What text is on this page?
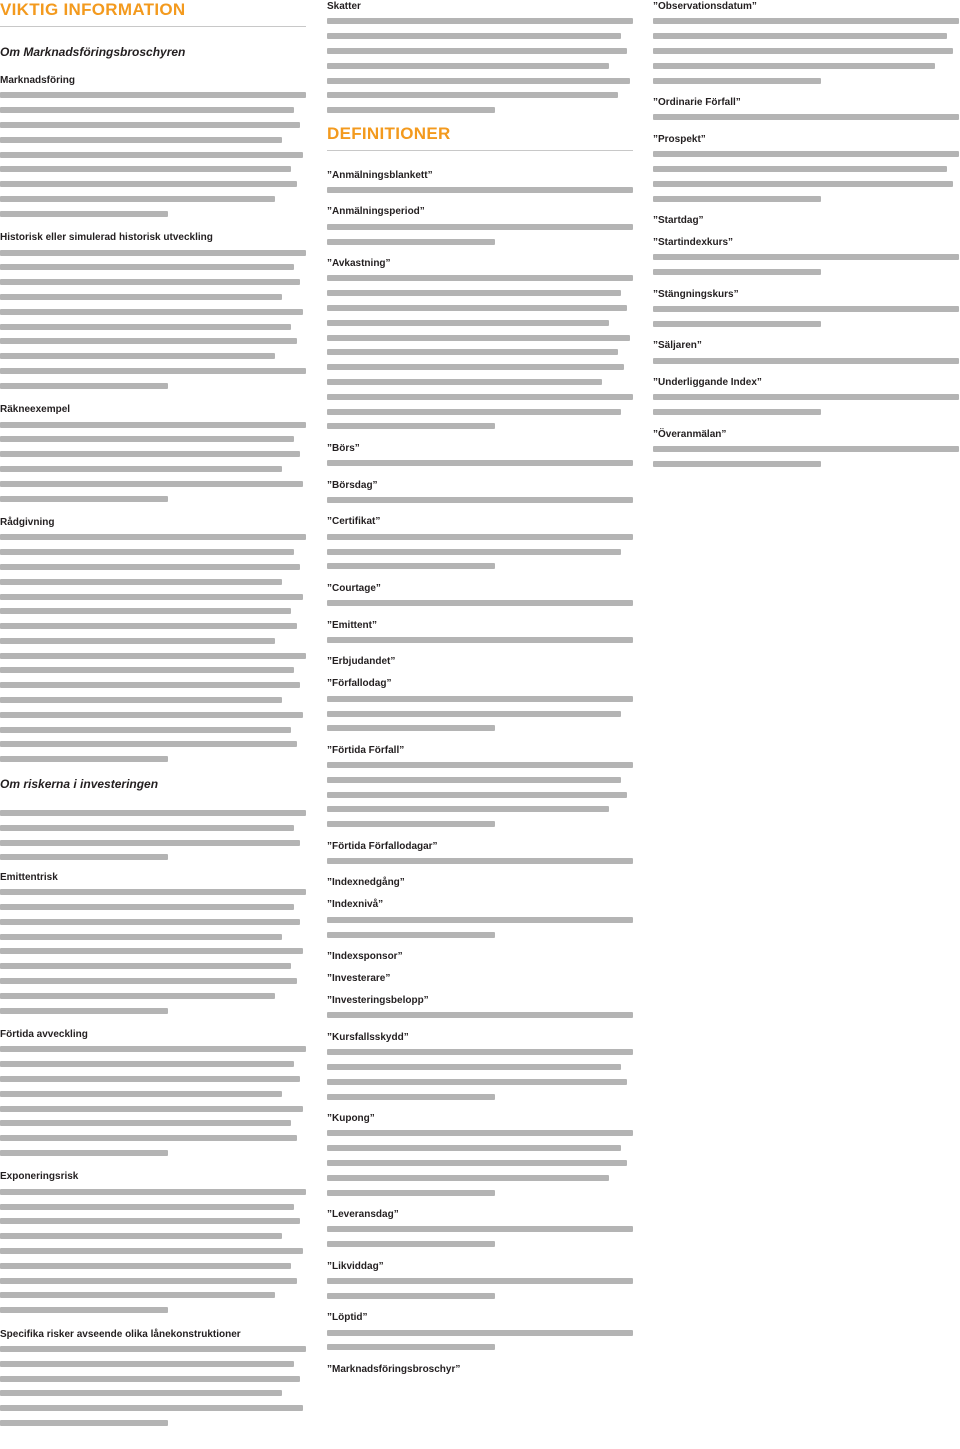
VIKTIG INFORMATION
Om Marknadsföringsbroschyren
Marknadsföring
Historisk eller simulerad historisk utveckling
Räkneexempel
Rådgivning
Om riskerna i investeringen
Emittentrisk
Förtida avveckling
Exponeringsrisk
Specifika risker avseende olika lånekonstruktioner
Skatter
DEFINITIONER

”Anmälningsblankett”

”Anmälningsperiod”

”Avkastning”

”Börs”

”Börsdag”

”Certifikat”

”Courtage”

”Emittent”

”Erbjudandet”

”Förfallodag”

”Förtida Förfall”

”Förtida Förfallodagar”

”Indexnedgång”

”Indexnivå”

”Indexsponsor”

”Investerare”

”Investeringsbelopp”

”Kursfallsskydd”

”Kupong”

”Leveransdag”

”Likviddag”

”Löptid”

”Marknadsföringsbroschyr”

”Observationsdatum”

”Ordinarie Förfall”

”Prospekt”

”Startdag”

”Startindexkurs”

”Stängningskurs”

”Säljaren”

”Underliggande Index”

”Överanmälan”
